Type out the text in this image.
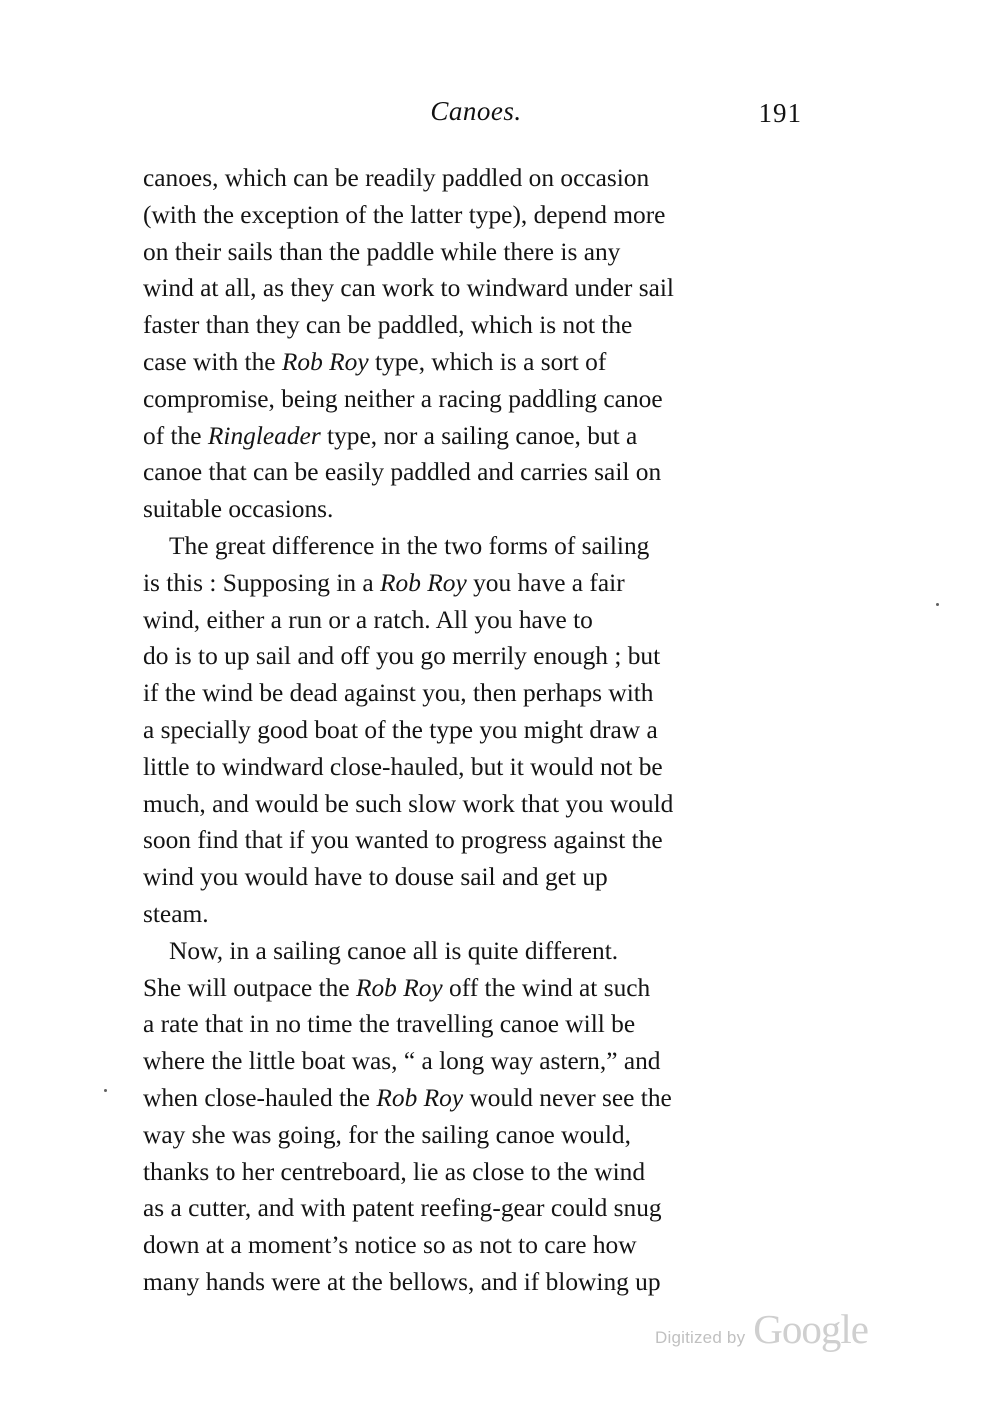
Canoes.	191
canoes, which can be readily paddled on occasion
(with the exception of the latter type), depend more
on their sails than the paddle while there is any
wind at all, as they can work to windward under sail
faster than they can be paddled, which is not the
case with the Rob Roy type, which is a sort of
compromise, being neither a racing paddling canoe
of the Ringleader type, nor a sailing canoe, but a
canoe that can be easily paddled and carries sail on
suitable occasions.
The great difference in the two forms of sailing
is this : Supposing in a Rob Roy you have a fair
wind, either a run or a ratch. All you have to
do is to up sail and off you go merrily enough ; but
if the wind be dead against you, then perhaps with
a specially good boat of the type you might draw a
little to windward close-hauled, but it would not be
much, and would be such slow work that you would
soon find that if you wanted to progress against the
wind you would have to douse sail and get up
steam.
Now, in a sailing canoe all is quite different.
She will outpace the Rob Roy off the wind at such
a rate that in no time the travelling canoe will be
where the little boat was, “ a long way astern,” and
when close-hauled the Rob Roy would never see the
way she was going, for the sailing canoe would,
thanks to her centreboard, lie as close to the wind
as a cutter, and with patent reefing-gear could snug
down at a moment’s notice so as not to care how
many hands were at the bellows, and if blowing up
Digitized by Google
